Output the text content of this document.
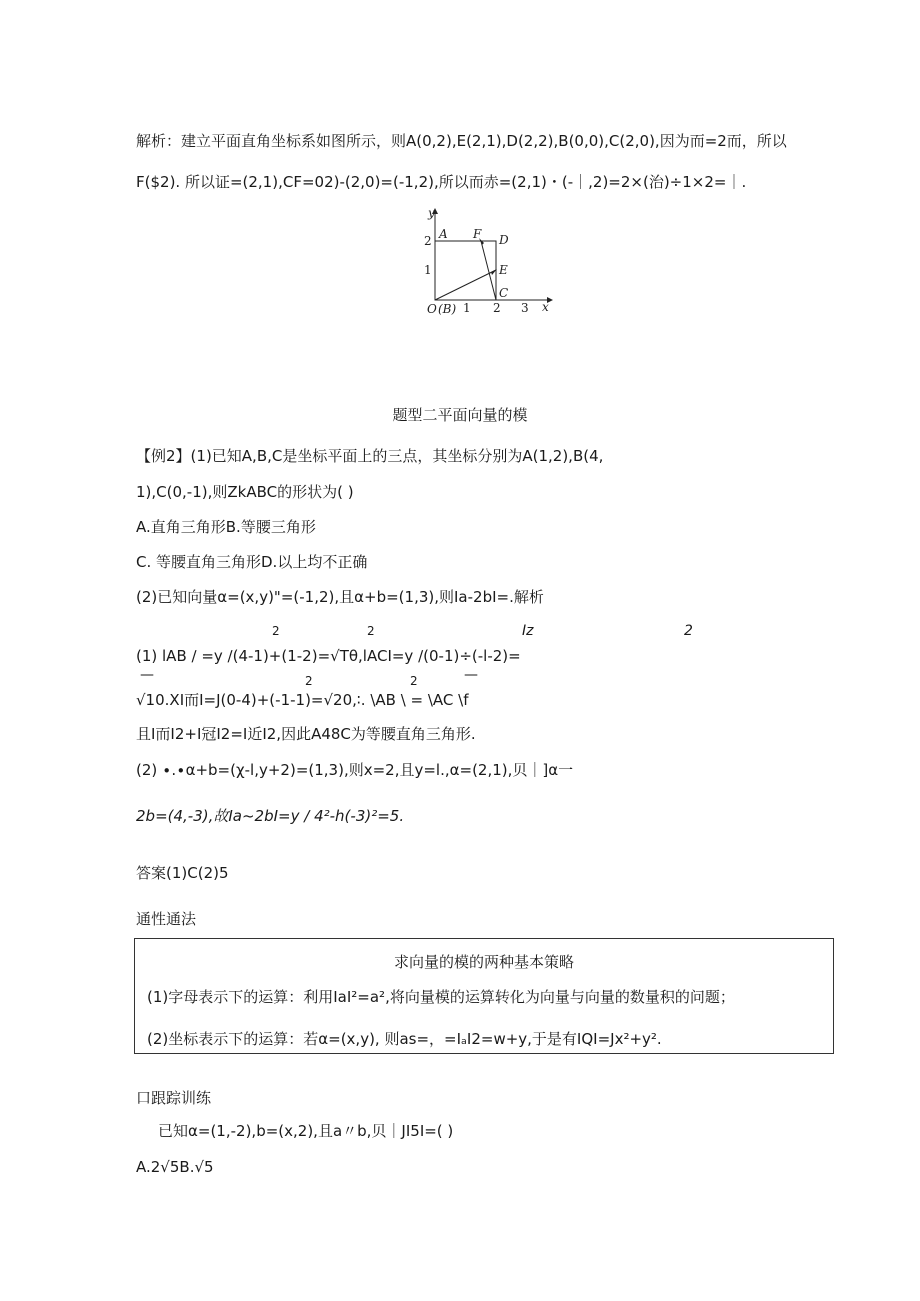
解析：建立平面直角坐标系如图所示，则A(0,2),E(2,1),D(2,2),B(0,0),C(2,0),因为而=2而，所以
F($2). 所以证=(2,1),CF=02)-(2,0)=(-1,2),所以而赤=(2,1)・(-｜,2)=2×(治)÷1×2=｜.
y
2
1
A F D
E
C
O (B) 1 2 3 x
题型二平面向量的模
【例2】(1)已知A,B,C是坐标平面上的三点，其坐标分别为A(1,2),B(4,
1),C(0,-1),则ZkABC的形状为( )
A.直角三角形B.等腰三角形
C. 等腰直角三角形D.以上均不正确
(2)已知向量α=(x,y)"=(-1,2),且α+b=(1,3),则Ia-2bI=.解析
2	2	Iz	2
(1) lAB ∕ =y ∕(4-1)+(1-2)=√Tθ,lACI=y ∕(0-1)÷(-l-2)=
—	—
2	2
√10.XI而I=J(0-4)+(-1-1)=√20,∶. \AB \ = \AC \f
且I而I2+I冠I2=I近I2,因此A48C为等腰直角三角形.
(2) ∙.∙α+b=(χ-l,y+2)=(1,3),则x=2,且y=l.,α=(2,1),贝｜]α一
2b=(4,-3),故Ia~2bI=y ∕ 4²-h(-3)²=5.
答案(1)C(2)5
通性通法
求向量的模的两种基本策略
(1)字母表示下的运算：利用IaI²=a²,将向量模的运算转化为向量与向量的数量积的问题；
(2)坐标表示下的运算：若α=(x,y), 则as=，=IₐI2=w+y,于是有IQI=Jx²+y².
口跟踪训练
已知α=(1,-2),b=(x,2),且a〃b,贝｜JI5I=( )
A.2√5B.√5
